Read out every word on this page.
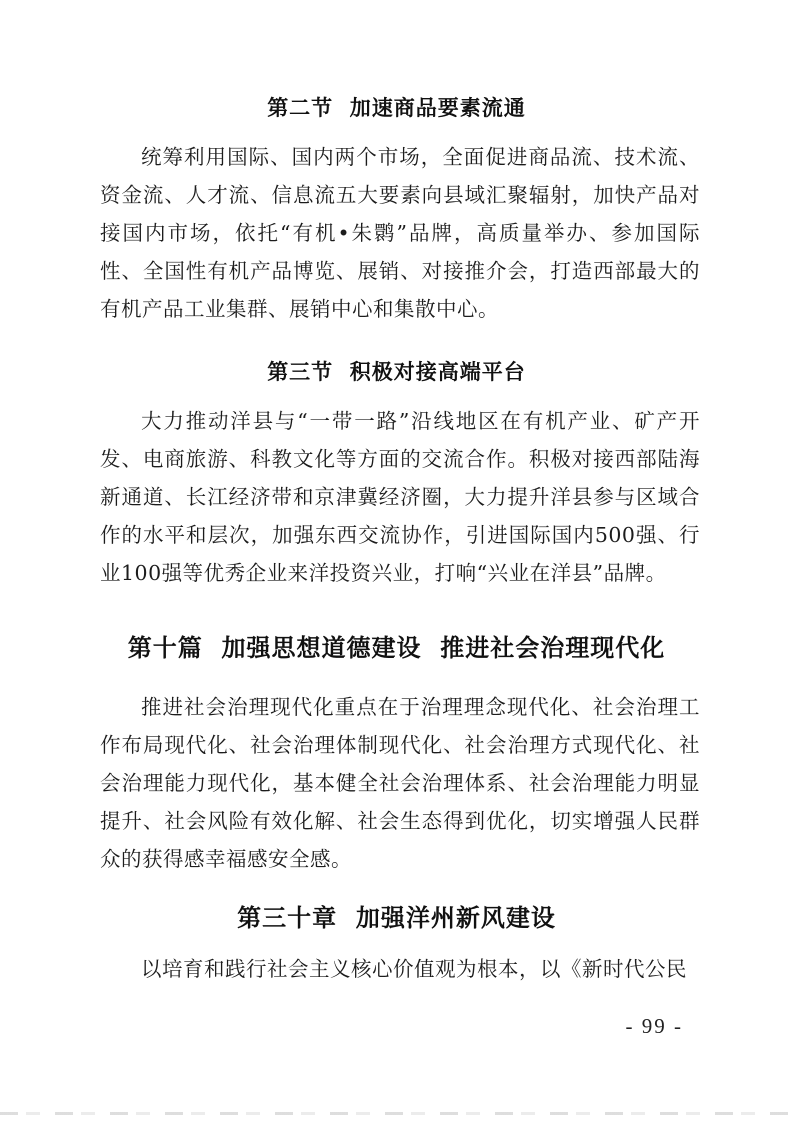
第二节  加速商品要素流通
统筹利用国际、国内两个市场，全面促进商品流、技术流、资金流、人才流、信息流五大要素向县域汇聚辐射，加快产品对接国内市场，依托“有机•朱鹮”品牌，高质量举办、参加国际性、全国性有机产品博览、展销、对接推介会，打造西部最大的有机产品工业集群、展销中心和集散中心。
第三节  积极对接高端平台
大力推动洋县与“一带一路”沿线地区在有机产业、矿产开发、电商旅游、科教文化等方面的交流合作。积极对接西部陆海新通道、长江经济带和京津冀经济圈，大力提升洋县参与区域合作的水平和层次，加强东西交流协作，引进国际国内500强、行业100强等优秀企业来洋投资兴业，打响“兴业在洋县”品牌。
第十篇  加强思想道德建设  推进社会治理现代化
推进社会治理现代化重点在于治理理念现代化、社会治理工作布局现代化、社会治理体制现代化、社会治理方式现代化、社会治理能力现代化，基本健全社会治理体系、社会治理能力明显提升、社会风险有效化解、社会生态得到优化，切实增强人民群众的获得感幸福感安全感。
第三十章  加强洋州新风建设
以培育和践行社会主义核心价值观为根本，以《新时代公民
- 99 -
